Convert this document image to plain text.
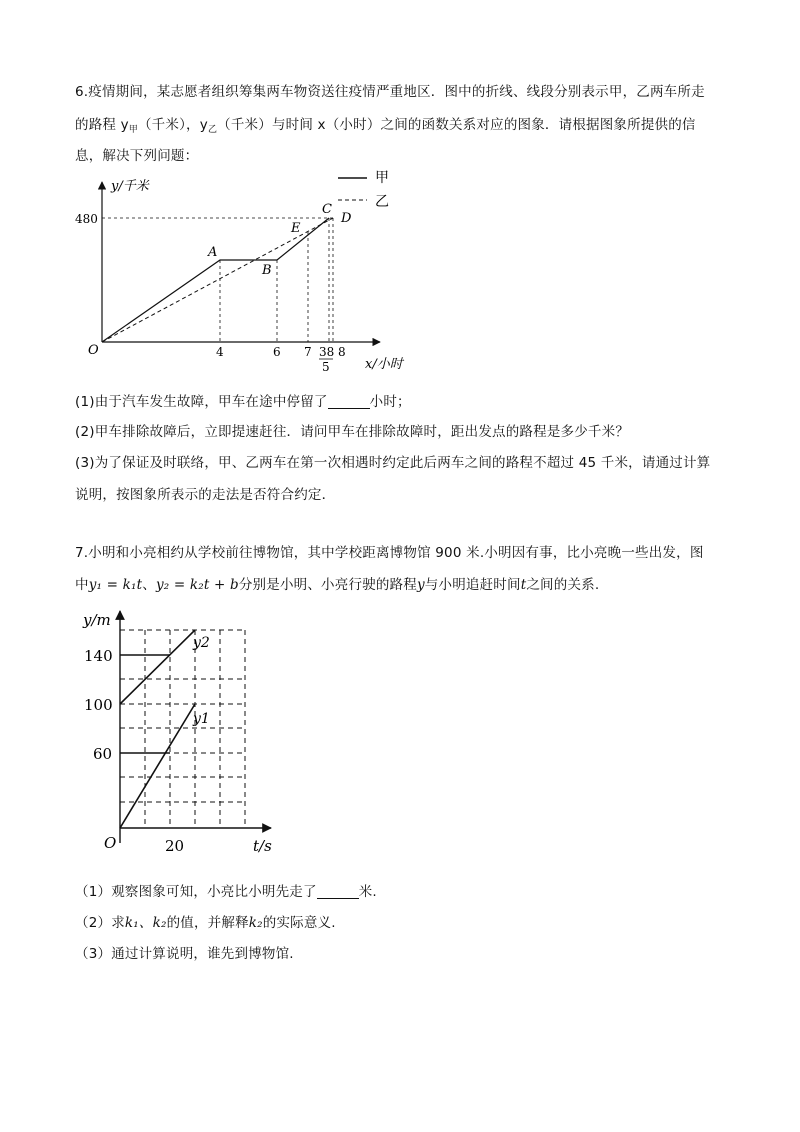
6.疫情期间，某志愿者组织筹集两车物资送往疫情严重地区．图中的折线、线段分别表示甲，乙两车所走
的路程 $y_甲$（千米），$y_乙$（千米）与时间 x（小时）之间的函数关系对应的图象．请根据图象所提供的信
息，解决下列问题：
甲
乙
y/千米
x/小时
O
480
4	6 7 38
5
8
A
B
C
D
E
(1)由于汽车发生故障，甲车在途中停留了	小时；
(2)甲车排除故障后，立即提速赶往．请问甲车在排除故障时，距出发点的路程是多少千米？
(3)为了保证及时联络，甲、乙两车在第一次相遇时约定此后两车之间的路程不超过 45 千米，请通过计算
说明，按图象所表示的走法是否符合约定．
7.小明和小亮相约从学校前往博物馆，其中学校距离博物馆 900 米.小明因有事，比小亮晚一些出发，图
中y₁ = k₁t、y₂ = k₂t + b分别是小明、小亮行驶的路程y与小明追赶时间t之间的关系.
y/m
t/s
O
140
100
60
20
y2
y1
（1）观察图象可知，小亮比小明先走了	米.
（2）求k₁、k₂的值，并解释k₂的实际意义.
（3）通过计算说明，谁先到博物馆.
